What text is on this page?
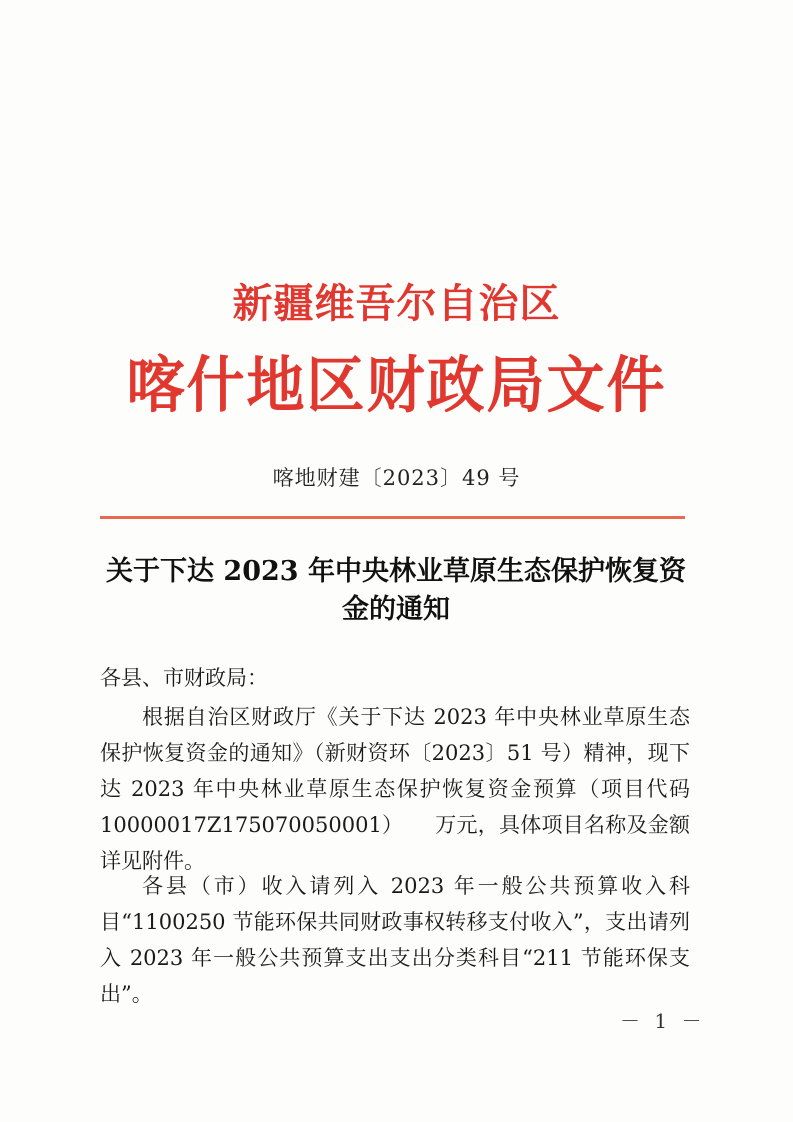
新疆维吾尔自治区
喀什地区财政局文件
喀地财建〔2023〕49 号
关于下达 2023 年中央林业草原生态保护恢复资金的通知
各县、市财政局：
根据自治区财政厅《关于下达 2023 年中央林业草原生态保护恢复资金的通知》（新财资环〔2023〕51 号）精神，现下达 2023 年中央林业草原生态保护恢复资金预算（项目代码 10000017Z175070050001）　　万元，具体项目名称及金额详见附件。
各县（市）收入请列入 2023 年一般公共预算收入科目“1100250 节能环保共同财政事权转移支付收入”，支出请列入 2023 年一般公共预算支出支出分类科目“211 节能环保支出”。
－ 1 －
